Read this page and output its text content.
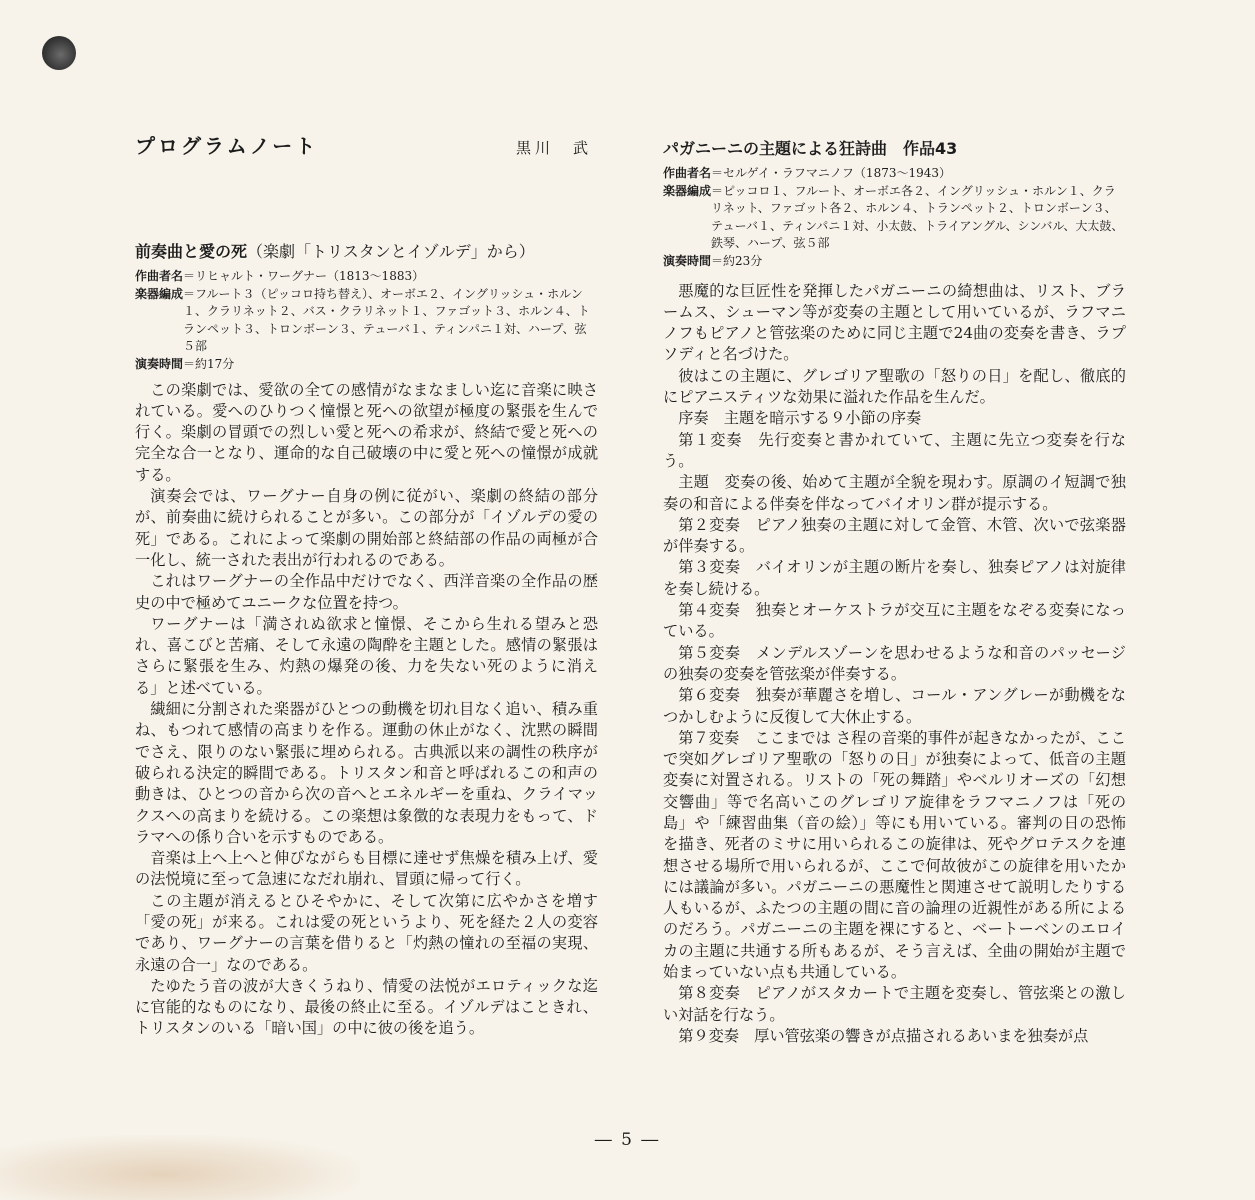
プログラムノート	黒川　武
前奏曲と愛の死（楽劇「トリスタンとイゾルデ」から）
作曲者名 ＝リヒャルト・ワーグナー（1813〜1883）
楽器編成 ＝フルート３（ピッコロ持ち替え）、オーボエ２、イングリッシュ・ホルン１、クラリネット２、バス・クラリネット１、ファゴット３、ホルン４、トランペット３、トロンボーン３、テューバ１、ティンパニ１対、ハープ、弦５部
演奏時間 ＝約17分

この楽劇では、愛欲の全ての感情がなまなましい迄に音楽に映されている。愛へのひりつく憧憬と死への欲望が極度の緊張を生んで行く。楽劇の冒頭での烈しい愛と死への希求が、終結で愛と死への完全な合一となり、運命的な自己破壊の中に愛と死への憧憬が成就する。

演奏会では、ワーグナー自身の例に従がい、楽劇の終結の部分が、前奏曲に続けられることが多い。この部分が「イゾルデの愛の死」である。これによって楽劇の開始部と終結部の作品の両極が合一化し、統一された表出が行われるのである。

これはワーグナーの全作品中だけでなく、西洋音楽の全作品の歴史の中で極めてユニークな位置を持つ。

ワーグナーは「満されぬ欲求と憧憬、そこから生れる望みと恐れ、喜こびと苦痛、そして永遠の陶酔を主題とした。感情の緊張はさらに緊張を生み、灼熱の爆発の後、力を失ない死のように消える」と述べている。

繊細に分割された楽器がひとつの動機を切れ目なく追い、積み重ね、もつれて感情の高まりを作る。運動の休止がなく、沈黙の瞬間でさえ、限りのない緊張に埋められる。古典派以来の調性の秩序が破られる決定的瞬間である。トリスタン和音と呼ばれるこの和声の動きは、ひとつの音から次の音へとエネルギーを重ね、クライマックスへの高まりを続ける。この楽想は象徴的な表現力をもって、ドラマへの係り合いを示すものである。

音楽は上へ上へと伸びながらも目標に達せず焦燥を積み上げ、愛の法悦境に至って急速になだれ崩れ、冒頭に帰って行く。

この主題が消えるとひそやかに、そして次第に広やかさを増す「愛の死」が来る。これは愛の死というより、死を経た２人の変容であり、ワーグナーの言葉を借りると「灼熱の憧れの至福の実現、永遠の合一」なのである。

たゆたう音の波が大きくうねり、情愛の法悦がエロティックな迄に官能的なものになり、最後の終止に至る。イゾルデはこときれ、トリスタンのいる「暗い国」の中に彼の後を追う。

パガニーニの主題による狂詩曲　作品43
作曲者名 ＝セルゲイ・ラフマニノフ（1873〜1943）
楽器編成 ＝ピッコロ１、フルート、オーボエ各２、イングリッシュ・ホルン１、クラリネット、ファゴット各２、ホルン４、トランペット２、トロンボーン３、テューバ１、ティンパニ１対、小太鼓、トライアングル、シンバル、大太鼓、鉄琴、ハープ、弦５部
演奏時間 ＝約23分

悪魔的な巨匠性を発揮したパガニーニの綺想曲は、リスト、ブラームス、シューマン等が変奏の主題として用いているが、ラフマニノフもピアノと管弦楽のために同じ主題で24曲の変奏を書き、ラプソディと名づけた。

彼はこの主題に、グレゴリア聖歌の「怒りの日」を配し、徹底的にピアニスティツな効果に溢れた作品を生んだ。

序奏　主題を暗示する９小節の序奏

第１変奏　先行変奏と書かれていて、主題に先立つ変奏を行なう。

主題　変奏の後、始めて主題が全貌を現わす。原調のイ短調で独奏の和音による伴奏を伴なってバイオリン群が提示する。

第２変奏　ピアノ独奏の主題に対して金管、木管、次いで弦楽器が伴奏する。

第３変奏　バイオリンが主題の断片を奏し、独奏ピアノは対旋律を奏し続ける。

第４変奏　独奏とオーケストラが交互に主題をなぞる変奏になっている。

第５変奏　メンデルスゾーンを思わせるような和音のパッセージの独奏の変奏を管弦楽が伴奏する。

第６変奏　独奏が華麗さを増し、コール・アングレーが動機をなつかしむように反復して大休止する。

第７変奏　ここまでは さ程の音楽的事件が起きなかったが、ここで突如グレゴリア聖歌の「怒りの日」が独奏によって、低音の主題変奏に対置される。リストの「死の舞踏」やベルリオーズの「幻想交響曲」等で名高いこのグレゴリア旋律をラフマニノフは「死の島」や「練習曲集（音の絵）」等にも用いている。審判の日の恐怖を描き、死者のミサに用いられるこの旋律は、死やグロテスクを連想させる場所で用いられるが、ここで何故彼がこの旋律を用いたかには議論が多い。パガニーニの悪魔性と関連させて説明したりする人もいるが、ふたつの主題の間に音の論理の近親性がある所によるのだろう。パガニーニの主題を裸にすると、ベートーベンのエロイカの主題に共通する所もあるが、そう言えば、全曲の開始が主題で始まっていない点も共通している。

第８変奏　ピアノがスタカートで主題を変奏し、管弦楽との激しい対話を行なう。

第９変奏　厚い管弦楽の響きが点描されるあいまを独奏が点

― 5 ―
